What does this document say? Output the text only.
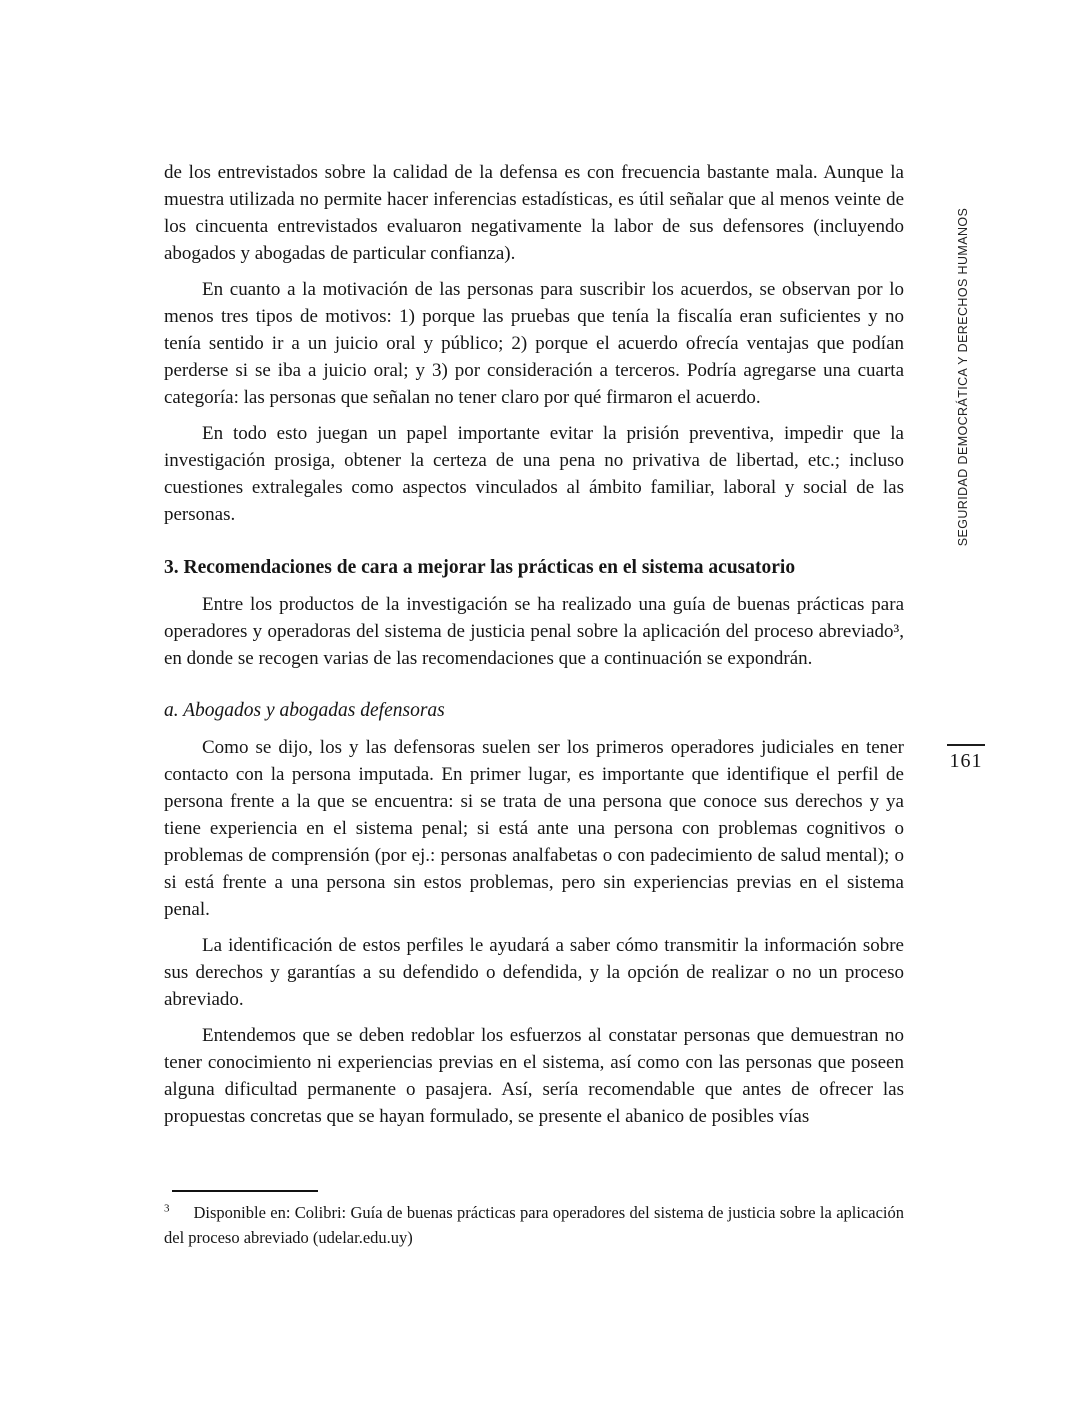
de los entrevistados sobre la calidad de la defensa es con frecuencia bastante mala. Aunque la muestra utilizada no permite hacer inferencias estadísticas, es útil señalar que al menos veinte de los cincuenta entrevistados evaluaron negativamente la labor de sus defensores (incluyendo abogados y abogadas de particular confianza).

En cuanto a la motivación de las personas para suscribir los acuerdos, se observan por lo menos tres tipos de motivos: 1) porque las pruebas que tenía la fiscalía eran suficientes y no tenía sentido ir a un juicio oral y público; 2) porque el acuerdo ofrecía ventajas que podían perderse si se iba a juicio oral; y 3) por consideración a terceros. Podría agregarse una cuarta categoría: las personas que señalan no tener claro por qué firmaron el acuerdo.

En todo esto juegan un papel importante evitar la prisión preventiva, impedir que la investigación prosiga, obtener la certeza de una pena no privativa de libertad, etc.; incluso cuestiones extralegales como aspectos vinculados al ámbito familiar, laboral y social de las personas.

3. Recomendaciones de cara a mejorar las prácticas en el sistema acusatorio

Entre los productos de la investigación se ha realizado una guía de buenas prácticas para operadores y operadoras del sistema de justicia penal sobre la aplicación del proceso abreviado³, en donde se recogen varias de las recomendaciones que a continuación se expondrán.

a. Abogados y abogadas defensoras

Como se dijo, los y las defensoras suelen ser los primeros operadores judiciales en tener contacto con la persona imputada. En primer lugar, es importante que identifique el perfil de persona frente a la que se encuentra: si se trata de una persona que conoce sus derechos y ya tiene experiencia en el sistema penal; si está ante una persona con problemas cognitivos o problemas de comprensión (por ej.: personas analfabetas o con padecimiento de salud mental); o si está frente a una persona sin estos problemas, pero sin experiencias previas en el sistema penal.

La identificación de estos perfiles le ayudará a saber cómo transmitir la información sobre sus derechos y garantías a su defendido o defendida, y la opción de realizar o no un proceso abreviado.

Entendemos que se deben redoblar los esfuerzos al constatar personas que demuestran no tener conocimiento ni experiencias previas en el sistema, así como con las personas que poseen alguna dificultad permanente o pasajera. Así, sería recomendable que antes de ofrecer las propuestas concretas que se hayan formulado, se presente el abanico de posibles vías

SEGURIDAD DEMOCRÁTICA Y DERECHOS HUMANOS
161

$^3$ Disponible en: Colibri: Guía de buenas prácticas para operadores del sistema de justicia sobre la aplicación del proceso abreviado (udelar.edu.uy)
